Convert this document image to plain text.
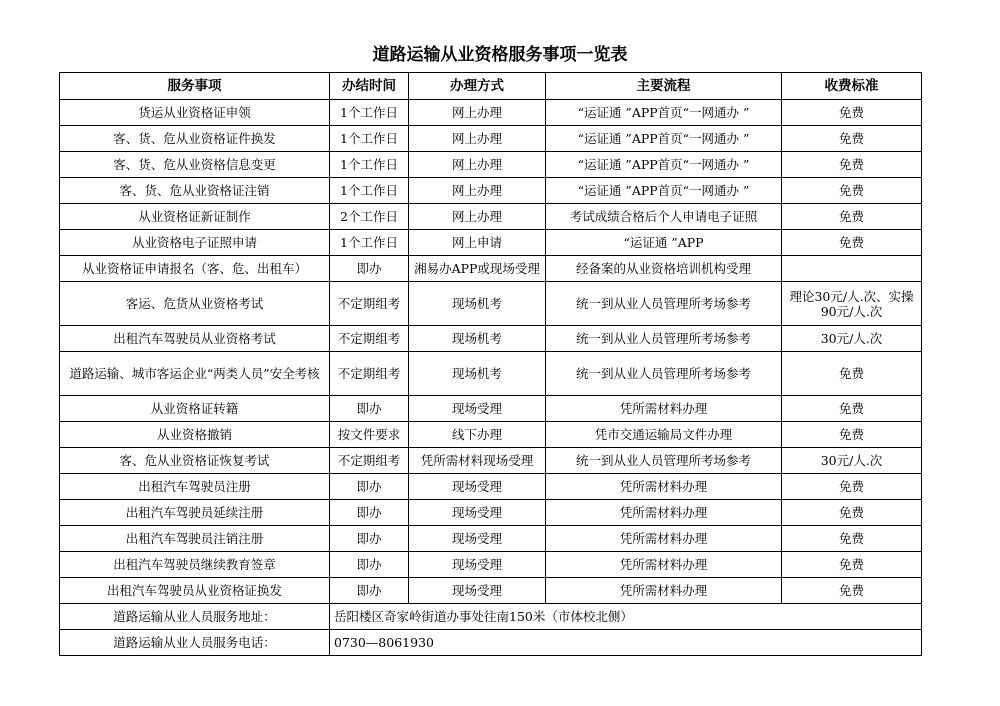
道路运输从业资格服务事项一览表
服务事项	办结时间	办理方式	主要流程	收费标准
货运从业资格证申领	1个工作日	网上办理	“运证通 ”APP首页“一网通办 ”	免费
客、货、危从业资格证件换发	1个工作日	网上办理	“运证通 ”APP首页“一网通办 ”	免费
客、货、危从业资格信息变更	1个工作日	网上办理	“运证通 ”APP首页“一网通办 ”	免费
客、货、危从业资格证注销	1个工作日	网上办理	“运证通 ”APP首页“一网通办 ”	免费
从业资格证新证制作	2个工作日	网上办理	考试成绩合格后个人申请电子证照	免费
从业资格电子证照申请	1个工作日	网上申请	“运证通 ”APP	免费
从业资格证申请报名（客、危、出租车）	即办	湘易办APP或现场受理	经备案的从业资格培训机构受理	
客运、危货从业资格考试	不定期组考	现场机考	统一到从业人员管理所考场参考	理论30元/人.次、实操90元/人.次
出租汽车驾驶员从业资格考试	不定期组考	现场机考	统一到从业人员管理所考场参考	30元/人.次
道路运输、城市客运企业“两类人员”安全考核	不定期组考	现场机考	统一到从业人员管理所考场参考	免费
从业资格证转籍	即办	现场受理	凭所需材料办理	免费
从业资格撤销	按文件要求	线下办理	凭市交通运输局文件办理	免费
客、危从业资格证恢复考试	不定期组考	凭所需材料现场受理	统一到从业人员管理所考场参考	30元/人.次
出租汽车驾驶员注册	即办	现场受理	凭所需材料办理	免费
出租汽车驾驶员延续注册	即办	现场受理	凭所需材料办理	免费
出租汽车驾驶员注销注册	即办	现场受理	凭所需材料办理	免费
出租汽车驾驶员继续教育签章	即办	现场受理	凭所需材料办理	免费
出租汽车驾驶员从业资格证换发	即办	现场受理	凭所需材料办理	免费
道路运输从业人员服务地址：	岳阳楼区奇家岭街道办事处往南150米（市体校北侧）			
道路运输从业人员服务电话：	0730—8061930			
